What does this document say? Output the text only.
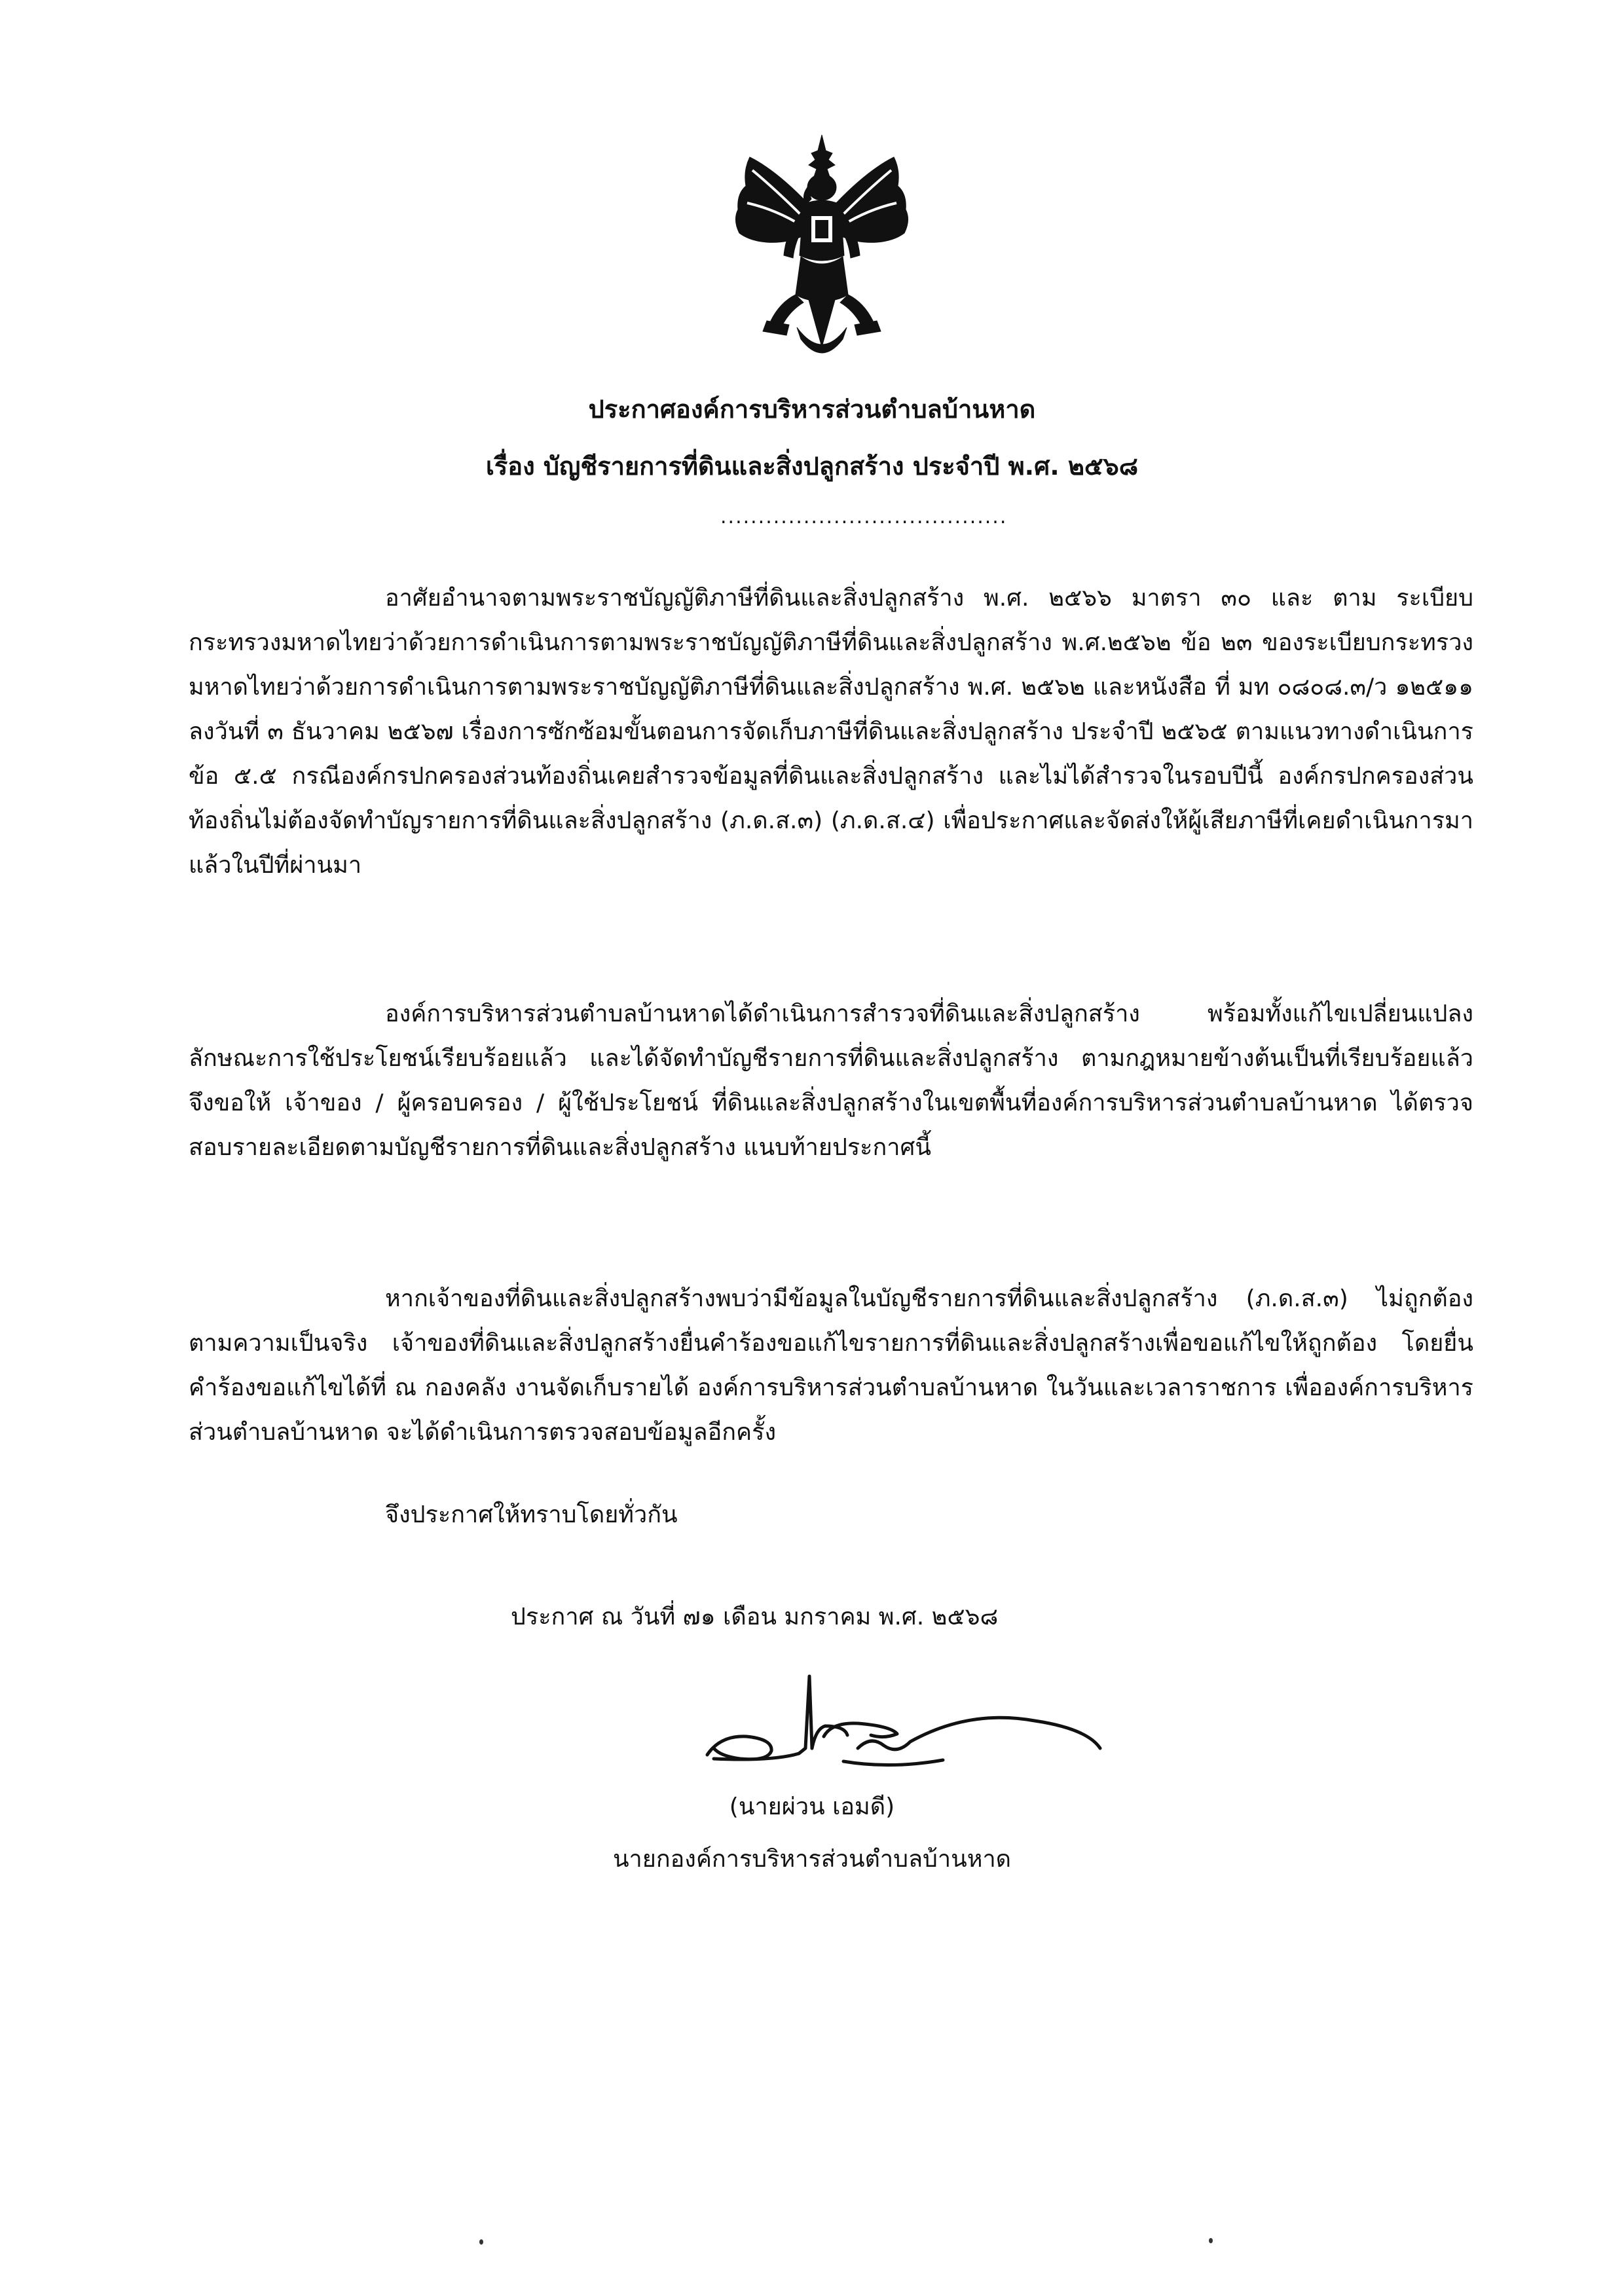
ประกาศองค์การบริหารส่วนตำบลบ้านหาด
เรื่อง บัญชีรายการที่ดินและสิ่งปลูกสร้าง ประจำปี พ.ศ. ๒๕๖๘
......................................

อาศัยอำนาจตามพระราชบัญญัติภาษีที่ดินและสิ่งปลูกสร้าง พ.ศ. ๒๕๖๖ มาตรา ๓๐ และ ตาม ระเบียบกระทรวงมหาดไทยว่าด้วยการดำเนินการตามพระราชบัญญัติภาษีที่ดินและสิ่งปลูกสร้าง พ.ศ.๒๕๖๒ ข้อ ๒๓ ของระเบียบกระทรวงมหาดไทยว่าด้วยการดำเนินการตามพระราชบัญญัติภาษีที่ดินและสิ่งปลูกสร้าง พ.ศ. ๒๕๖๒ และหนังสือ ที่ มท ๐๘๐๘.๓/ว ๑๒๕๑๑ ลงวันที่ ๓ ธันวาคม ๒๕๖๗ เรื่องการซักซ้อมขั้นตอนการจัดเก็บภาษีที่ดินและสิ่งปลูกสร้าง ประจำปี ๒๕๖๕ ตามแนวทางดำเนินการ ข้อ ๕.๕ กรณีองค์กรปกครองส่วนท้องถิ่นเคยสำรวจข้อมูลที่ดินและสิ่งปลูกสร้าง และไม่ได้สำรวจในรอบปีนี้ องค์กรปกครองส่วนท้องถิ่นไม่ต้องจัดทำบัญรายการที่ดินและสิ่งปลูกสร้าง (ภ.ด.ส.๓) (ภ.ด.ส.๔) เพื่อประกาศและจัดส่งให้ผู้เสียภาษีที่เคยดำเนินการมาแล้วในปีที่ผ่านมา

องค์การบริหารส่วนตำบลบ้านหาดได้ดำเนินการสำรวจที่ดินและสิ่งปลูกสร้าง พร้อมทั้งแก้ไขเปลี่ยนแปลงลักษณะการใช้ประโยชน์เรียบร้อยแล้ว และได้จัดทำบัญชีรายการที่ดินและสิ่งปลูกสร้าง ตามกฎหมายข้างต้นเป็นที่เรียบร้อยแล้ว จึงขอให้ เจ้าของ / ผู้ครอบครอง / ผู้ใช้ประโยชน์ ที่ดินและสิ่งปลูกสร้างในเขตพื้นที่องค์การบริหารส่วนตำบลบ้านหาด ได้ตรวจสอบรายละเอียดตามบัญชีรายการที่ดินและสิ่งปลูกสร้าง แนบท้ายประกาศนี้

หากเจ้าของที่ดินและสิ่งปลูกสร้างพบว่ามีข้อมูลในบัญชีรายการที่ดินและสิ่งปลูกสร้าง (ภ.ด.ส.๓) ไม่ถูกต้องตามความเป็นจริง เจ้าของที่ดินและสิ่งปลูกสร้างยื่นคำร้องขอแก้ไขรายการที่ดินและสิ่งปลูกสร้างเพื่อขอแก้ไขให้ถูกต้อง โดยยื่นคำร้องขอแก้ไขได้ที่ ณ กองคลัง งานจัดเก็บรายได้ องค์การบริหารส่วนตำบลบ้านหาด ในวันและเวลาราชการ เพื่อองค์การบริหารส่วนตำบลบ้านหาด จะได้ดำเนินการตรวจสอบข้อมูลอีกครั้ง

จึงประกาศให้ทราบโดยทั่วกัน

ประกาศ ณ วันที่ ๗๑ เดือน มกราคม พ.ศ. ๒๕๖๘
(นายผ่วน เอมดี)
นายกองค์การบริหารส่วนตำบลบ้านหาด
